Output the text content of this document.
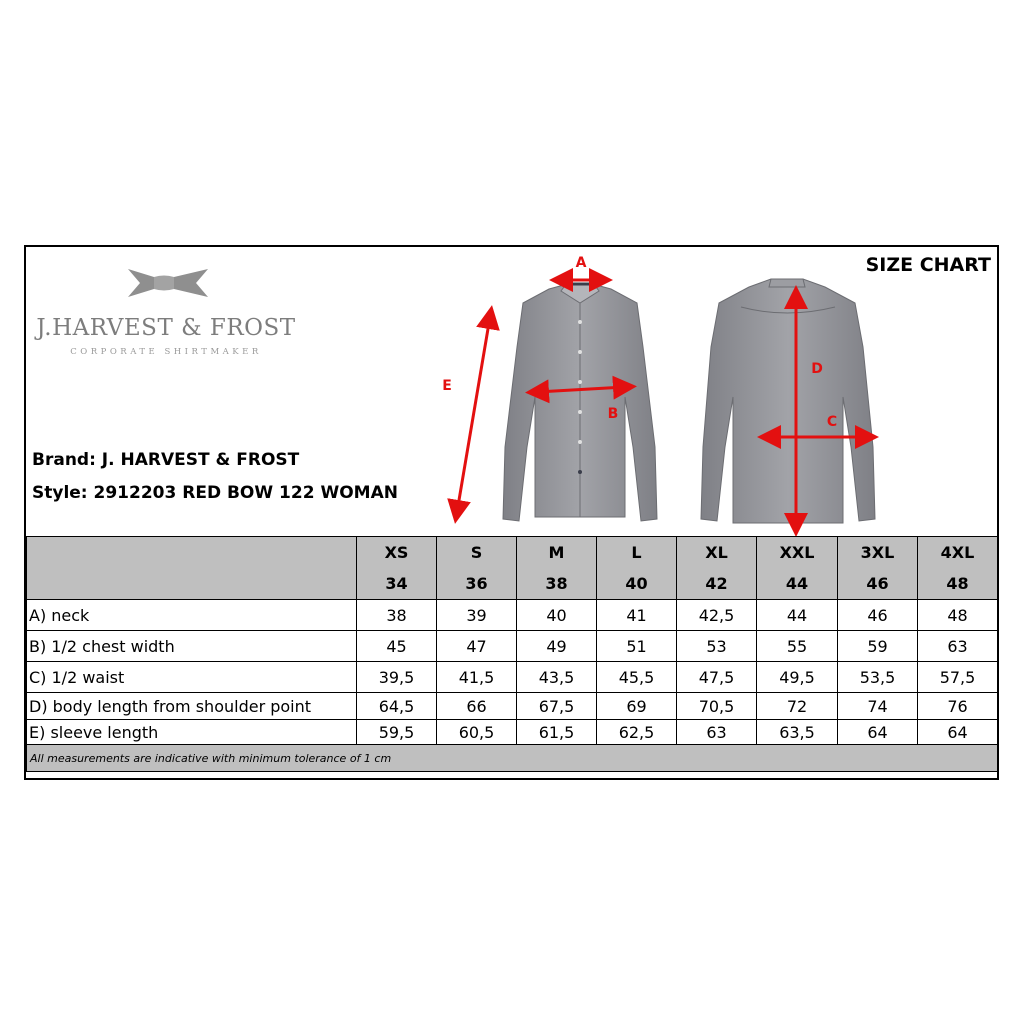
J.HARVEST & FROST
CORPORATE SHIRTMAKER
SIZE CHART
Brand: J. HARVEST & FROST
Style: 2912203 RED BOW 122 WOMAN
A
B
E
D
C
	XS	S	M	L	XL	XXL	3XL	4XL
	34	36	38	40	42	44	46	48
A) neck	38	39	40	41	42,5	44	46	48
B) 1/2 chest width	45	47	49	51	53	55	59	63
C) 1/2 waist	39,5	41,5	43,5	45,5	47,5	49,5	53,5	57,5
D) body length from shoulder point	64,5	66	67,5	69	70,5	72	74	76
E) sleeve length	59,5	60,5	61,5	62,5	63	63,5	64	64
All measurements are indicative with minimum tolerance of 1 cm								
